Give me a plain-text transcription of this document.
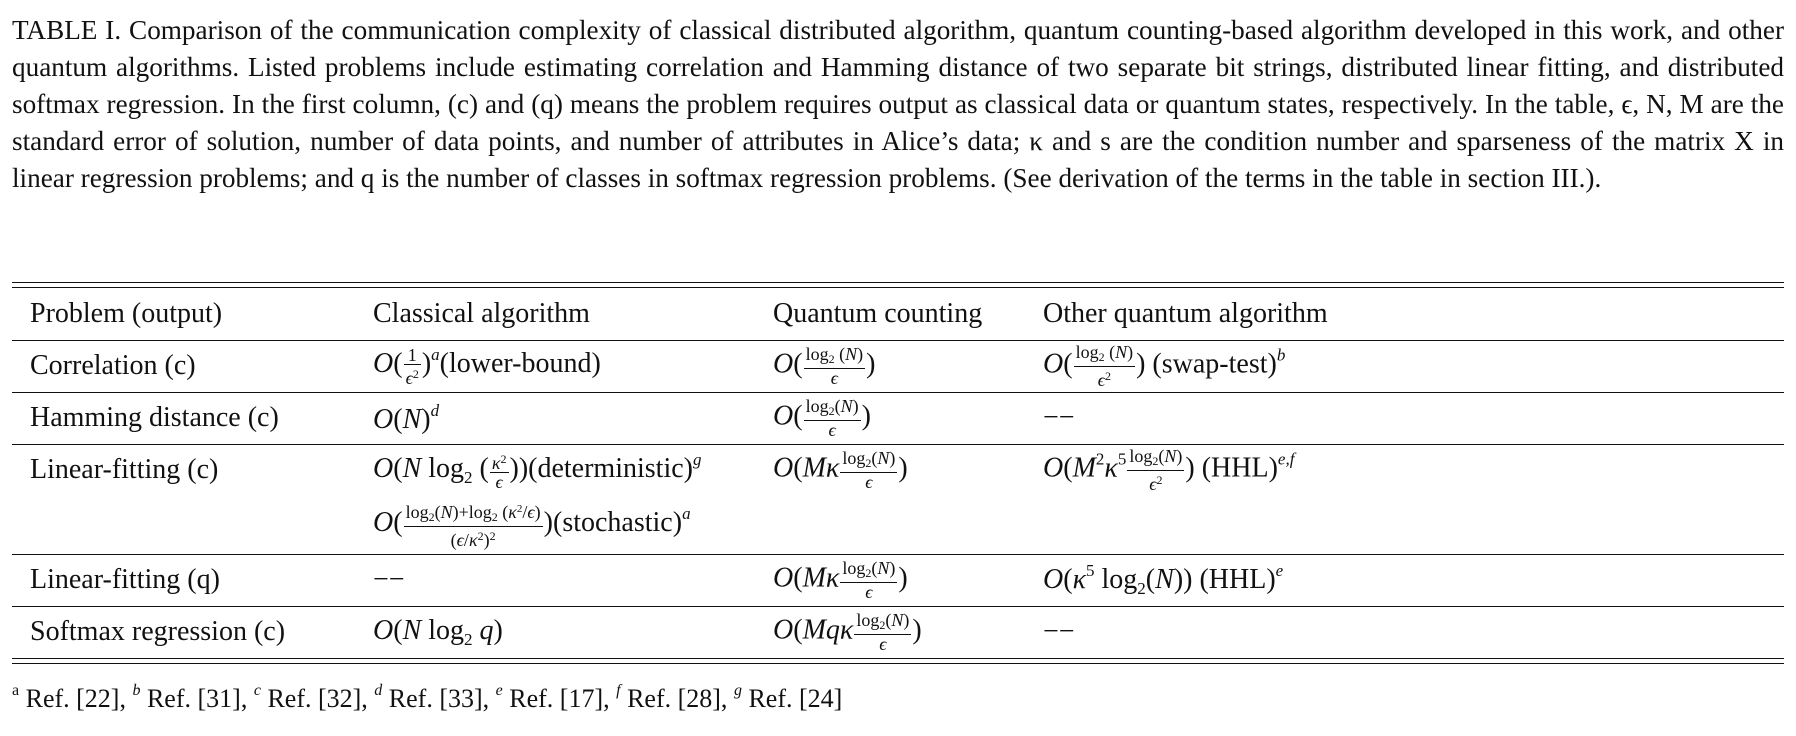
TABLE I. Comparison of the communication complexity of classical distributed algorithm, quantum counting-based algorithm developed in this work, and other quantum algorithms. Listed problems include estimating correlation and Hamming distance of two separate bit strings, distributed linear fitting, and distributed softmax regression. In the first column, (c) and (q) means the problem requires output as classical data or quantum states, respectively. In the table, ϵ, N, M are the standard error of solution, number of data points, and number of attributes in Alice’s data; κ and s are the condition number and sparseness of the matrix X in linear regression problems; and q is the number of classes in softmax regression problems. (See derivation of the terms in the table in section III.).

Problem (output)	Classical algorithm	Quantum counting	Other quantum algorithm
Correlation (c)	$O( \frac{1}{\epsilon^2}$ )$^a(lower-bound)$	$O( \frac{\log_2 (N)}{\epsilon}$ )	$O( \frac{\log_2 (N)}{\epsilon^2}$ ) (swap-test)$^b$
Hamming distance (c)	$O(N)^d$	$O( \frac{\log_2(N)}{\epsilon}$ )	−−
Linear-fitting (c)	O(N $\log_2$ ( $\frac{\kappa^2}{\epsilon}$ ))(deterministic)$^g$	$O(M\kappa \frac{\log_2(N)}{\epsilon}$ )	$O(M^2\kappa^5 \frac{\log_2(N)}{\epsilon^2}$ ) (HHL)$^{e,f}$
	$O( \frac{\log_2(N)+\log_2 (\kappa^2/\epsilon)}{(\epsilon/\kappa^2)^2}$ )(stochastic)$^a$		
Linear-fitting (q)	−−	$O(M\kappa \frac{\log_2(N)}{\epsilon}$ )	$O(\kappa^5$ $\log_2(N)$) (HHL)$^e$
Softmax regression (c)	O(N $\log_2 q$)	$O(Mq\kappa \frac{\log_2(N)}{\epsilon}$ )	−−
$^a$ Ref. [22], $^b$ Ref. [31], $^c$ Ref. [32], $^d$ Ref. [33], $^e$ Ref. [17], $^f$ Ref. [28], $^g$ Ref. [24]
